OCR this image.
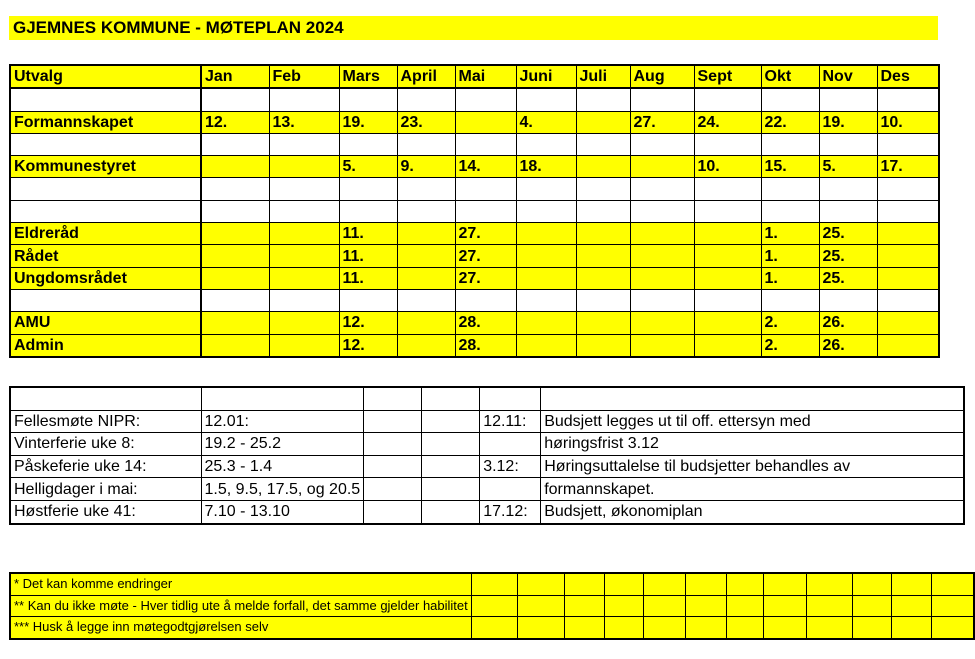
GJEMNES KOMMUNE - MØTEPLAN 2024
Utvalg	Jan	Feb	Mars	April	Mai	Juni	Juli	Aug	Sept	Okt	Nov	Des

Formannskapet	12.	13.	19.	23.		4.		27.	24.	22.	19.	10.

Kommunestyret			5.	9.	14.	18.			10.	15.	5.	17.

Eldreråd			11.		27.					1.	25.	
Rådet			11.		27.					1.	25.	
Ungdomsrådet			11.		27.					1.	25.	

AMU			12.		28.					2.	26.	
Admin			12.		28.					2.	26.	

Fellesmøte NIPR:	12.01:			12.11:	Budsjett legges ut til off. ettersyn med
Vinterferie uke 8:	19.2 - 25.2				høringsfrist 3.12
Påskeferie uke 14:	25.3 - 1.4			3.12:	Høringsuttalelse til budsjetter behandles av
Helligdager i mai:	1.5, 9.5, 17.5, og 20.5				formannskapet.
Høstferie uke 41:	7.10 - 13.10			17.12:	Budsjett, økonomiplan
* Det kan komme endringer												
** Kan du ikke møte - Hver tidlig ute å melde forfall, det samme gjelder habilitet												
*** Husk å legge inn møtegodtgjørelsen selv												
